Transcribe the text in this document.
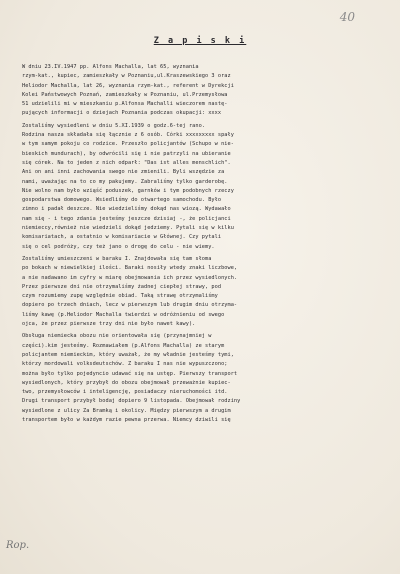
40
Z a p i s k i
W dniu 23.IV.1947 pp. Alfons Machalla, lat 65, wyznania
rzym-kat., kupiec, zamieszkały w Poznaniu,ul.Kraszewskiego 3 oraz
Heliodor Machalla, lat 26, wyznania rzym-kat., referent w Dyrekcji
Kolei Państwowych Poznań, zamieszkały w Poznaniu, ul.Przemysłowa
51 udzielili mi w mieszkaniu p.Alfonsa Machalli wieczorem nastę-
pujących informacji o dziejach Poznania podczas okupacji: xxxx
Zostaliśmy wysiedleni w dniu 5.XI.1939 o godz.6-tej rano.
Rodzina nasza składała się łącznie z 6 osób. Córki xxxxxxxxx spały
w tym samym pokoju co rodzice. Przeszło policjantów (Schupo w nie-
bieskich mundurach), by odwrócili się i nie patrzyli na ubieranie
się córek. Na to jeden z nich odparł: "Das ist alles menschlich".
Ani on ani inni zachowania swego nie zmienili. Byli wszędzie za
nami, uważając na to co my pakujemy. Zabraliśmy tylko garderobę.
Nie wolno nam było wziąść poduszek, garnków i tym podobnych rzeczy
gospodarstwa domowego. Wsiedliśmy do otwartego samochodu. Było
zimno i padał deszcze. Nie wiedzieliśmy dokąd nas wiozą. Wydawało
nam się - i tego zdania jesteśmy jeszcze dzisiaj -, że policjanci
niemieccy,również nie wiedzieli dokąd jedziemy. Pytali się w kilku
komisariatach, a ostatnio w komisariacie w Głównej. Czy pytali
się o cel podróży, czy też jano o drogę do celu - nie wiemy.
Zostaliśmy umieszczeni w baraku I. Znajdowała się tam słoma
po bokach w niewielkiej ilości. Baraki nosiły wtedy znaki liczbowe,
a nie nadawano im cyfry w miarę obejmowania ich przez wysiedlonych.
Przez pierwsze dni nie otrzymaliśmy żadnej ciepłej strawy, pod
czym rozumiemy zupę względnie obiad. Taką strawę otrzymaliśmy
dopiero po trzech dniach, lecz w pierwszym lub drugim dniu otrzyma-
liśmy kawę (p.Heliodor Machalla twierdzi w odróżnieniu od swego
ojca, że przez pierwsze trzy dni nie było nawet kawy).
Obsługa niemiecka obozu nie orientowała się (przynajmniej w
części).kim jesteśmy. Rozmawiałem (p.Alfons Machalla) ze starym
policjantem niemieckim, który uważał, że my władnie jesteśmy tymi,
którzy mordowali volksdeutschów. Z baraku I nas nie wypuszczono;
można było tylko pojedyncio udawać się na ustęp. Pierwszy transport
wysiedlonych, który przybył do obozu obejmował przeważnie kupiec-
two, przemysłowców i inteligencję, posiadaczy nieruchomości itd.
Drugi transport przybył bodaj dopiero 9 listopada. Obejmował rodziny
wysiedlone z ulicy Za Bramką i okolicy. Między pierwszym a drugim
transportem było w każdym razie pewna przerwa. Niemcy dziwili się
Rop.
